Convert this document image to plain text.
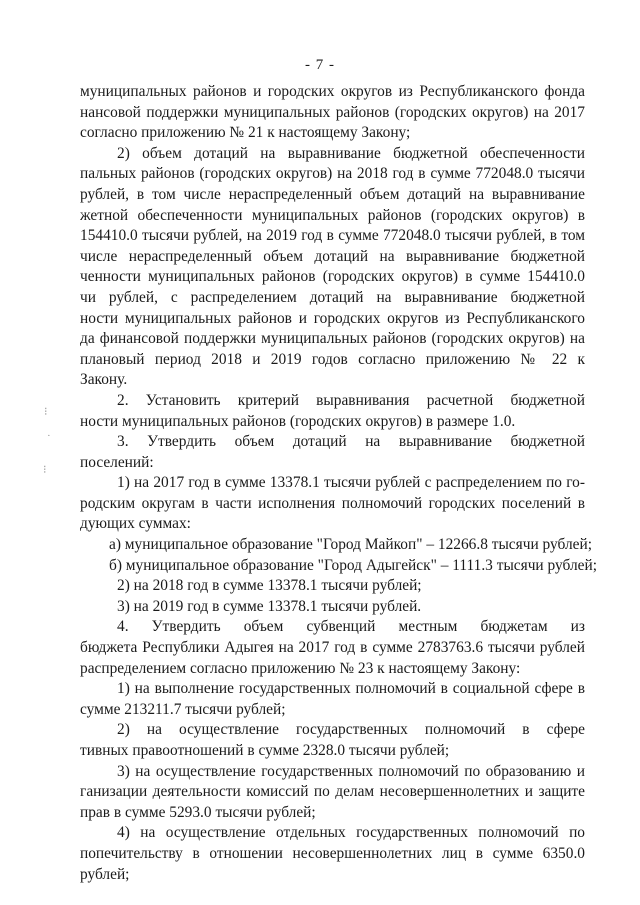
- 7 -
⁝
·
⁝
муниципальных районов и городских округов из Республиканского фонда
нансовой поддержки муниципальных районов (городских округов) на 2017
согласно приложению № 21 к настоящему Закону;
2) объем дотаций на выравнивание бюджетной обеспеченности
пальных районов (городских округов) на 2018 год в сумме 772048.0 тысячи
рублей, в том числе нераспределенный объем дотаций на выравнивание
жетной обеспеченности муниципальных районов (городских округов) в
154410.0 тысячи рублей, на 2019 год в сумме 772048.0 тысячи рублей, в том
числе нераспределенный объем дотаций на выравнивание бюджетной
ченности муниципальных районов (городских округов) в сумме 154410.0
чи рублей, с распределением дотаций на выравнивание бюджетной
ности муниципальных районов и городских округов из Республиканского
да финансовой поддержки муниципальных районов (городских округов) на
плановый период 2018 и 2019 годов согласно приложению № 22 к
Закону.
2. Установить критерий выравнивания расчетной бюджетной
ности муниципальных районов (городских округов) в размере 1.0.
3. Утвердить объем дотаций на выравнивание бюджетной
поселений:
1) на 2017 год в сумме 13378.1 тысячи рублей с распределением по го-
родским округам в части исполнения полномочий городских поселений в
дующих суммах:
а) муниципальное образование "Город Майкоп" – 12266.8 тысячи рублей;
б) муниципальное образование "Город Адыгейск" – 1111.3 тысячи рублей;
2) на 2018 год в сумме 13378.1 тысячи рублей;
3) на 2019 год в сумме 13378.1 тысячи рублей.
4. Утвердить объем субвенций местным бюджетам из
бюджета Республики Адыгея на 2017 год в сумме 2783763.6 тысячи рублей
распределением согласно приложению № 23 к настоящему Закону:
1) на выполнение государственных полномочий в социальной сфере в
сумме 213211.7 тысячи рублей;
2) на осуществление государственных полномочий в сфере
тивных правоотношений в сумме 2328.0 тысячи рублей;
3) на осуществление государственных полномочий по образованию и
ганизации деятельности комиссий по делам несовершеннолетних и защите
прав в сумме 5293.0 тысячи рублей;
4) на осуществление отдельных государственных полномочий по
попечительству в отношении несовершеннолетних лиц в сумме 6350.0
рублей;
